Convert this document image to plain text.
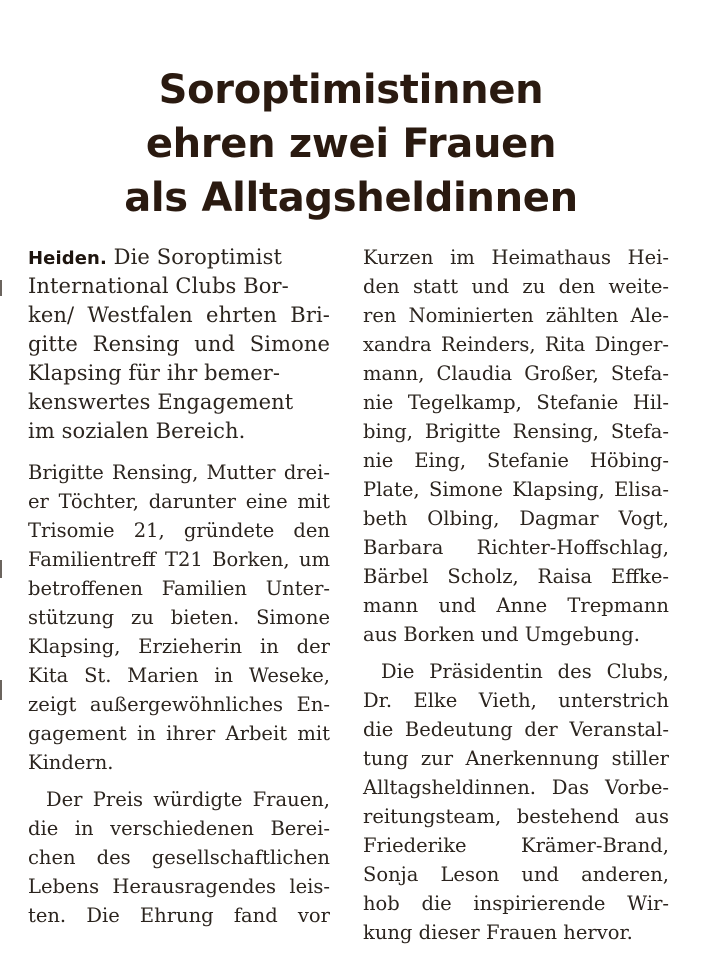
Soroptimistinnen
ehren zwei Frauen
als Alltagsheldinnen
Heiden. Die Soroptimist
International Clubs Bor-
ken/ Westfalen ehrten Bri-
gitte Rensing und Simone
Klapsing für ihr bemer-
kenswertes Engagement
im sozialen Bereich.
Brigitte Rensing, Mutter drei-
er Töchter, darunter eine mit
Trisomie 21, gründete den
Familientreff T21 Borken, um
betroffenen Familien Unter-
stützung zu bieten. Simone
Klapsing, Erzieherin in der
Kita St. Marien in Weseke,
zeigt außergewöhnliches En-
gagement in ihrer Arbeit mit
Kindern.
Der Preis würdigte Frauen,
die in verschiedenen Berei-
chen des gesellschaftlichen
Lebens Herausragendes leis-
ten. Die Ehrung fand vor
Kurzen im Heimathaus Hei-
den statt und zu den weite-
ren Nominierten zählten Ale-
xandra Reinders, Rita Dinger-
mann, Claudia Großer, Stefa-
nie Tegelkamp, Stefanie Hil-
bing, Brigitte Rensing, Stefa-
nie Eing, Stefanie Höbing-
Plate, Simone Klapsing, Elisa-
beth Olbing, Dagmar Vogt,
Barbara Richter-Hoffschlag,
Bärbel Scholz, Raisa Effke-
mann und Anne Trepmann
aus Borken und Umgebung.
Die Präsidentin des Clubs,
Dr. Elke Vieth, unterstrich
die Bedeutung der Veranstal-
tung zur Anerkennung stiller
Alltagsheldinnen. Das Vorbe-
reitungsteam, bestehend aus
Friederike Krämer-Brand,
Sonja Leson und anderen,
hob die inspirierende Wir-
kung dieser Frauen hervor.
